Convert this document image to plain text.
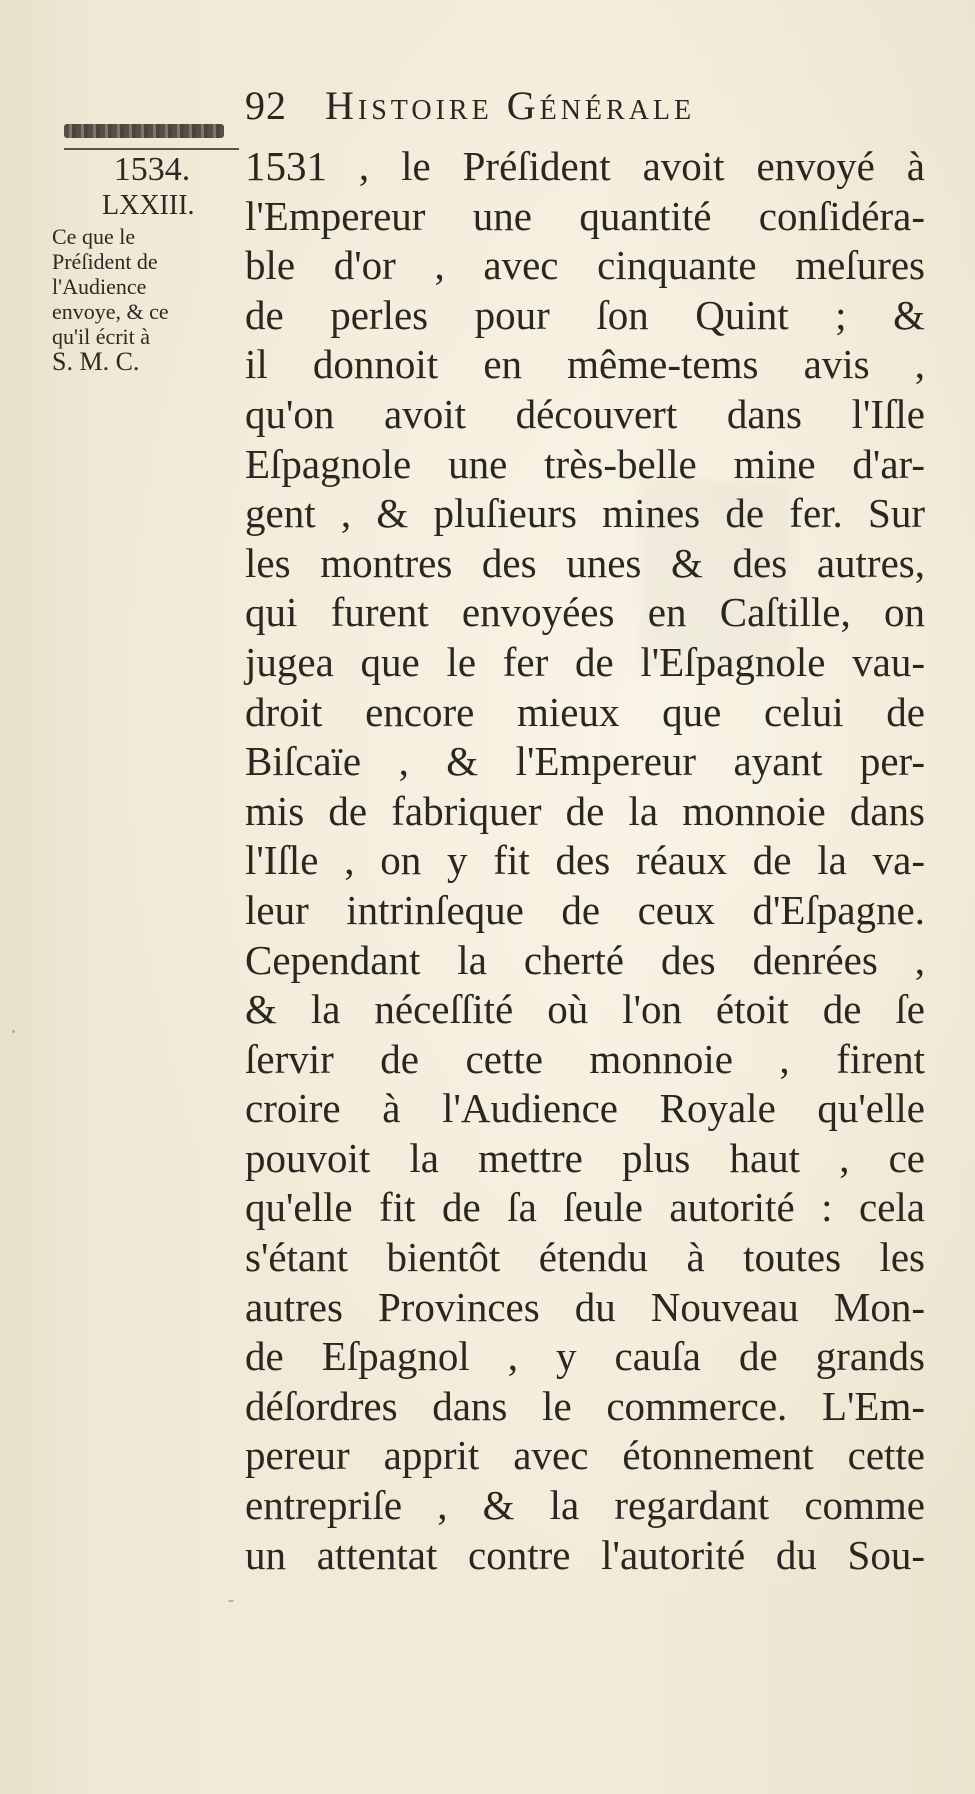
92 Histoire Générale
1534.
LXXIII.
Ce que le
Préſident de
l'Audience
envoye, & ce
qu'il écrit à
S. M. C.
1531 , le Préſident avoit envoyé à
l'Empereur une quantité conſidéra-
ble d'or , avec cinquante meſures
de perles pour ſon Quint ; &
il donnoit en même-tems avis ,
qu'on avoit découvert dans l'Iſle
Eſpagnole une très-belle mine d'ar-
gent , & pluſieurs mines de fer. Sur
les montres des unes & des autres,
qui furent envoyées en Caſtille, on
jugea que le fer de l'Eſpagnole vau-
droit encore mieux que celui de
Biſcaïe , & l'Empereur ayant per-
mis de fabriquer de la monnoie dans
l'Iſle , on y fit des réaux de la va-
leur intrinſeque de ceux d'Eſpagne.
Cependant la cherté des denrées ,
& la néceſſité où l'on étoit de ſe
ſervir de cette monnoie , firent
croire à l'Audience Royale qu'elle
pouvoit la mettre plus haut , ce
qu'elle fit de ſa ſeule autorité : cela
s'étant bientôt étendu à toutes les
autres Provinces du Nouveau Mon-
de Eſpagnol , y cauſa de grands
déſordres dans le commerce. L'Em-
pereur apprit avec étonnement cette
entrepriſe , & la regardant comme
un attentat contre l'autorité du Sou-
